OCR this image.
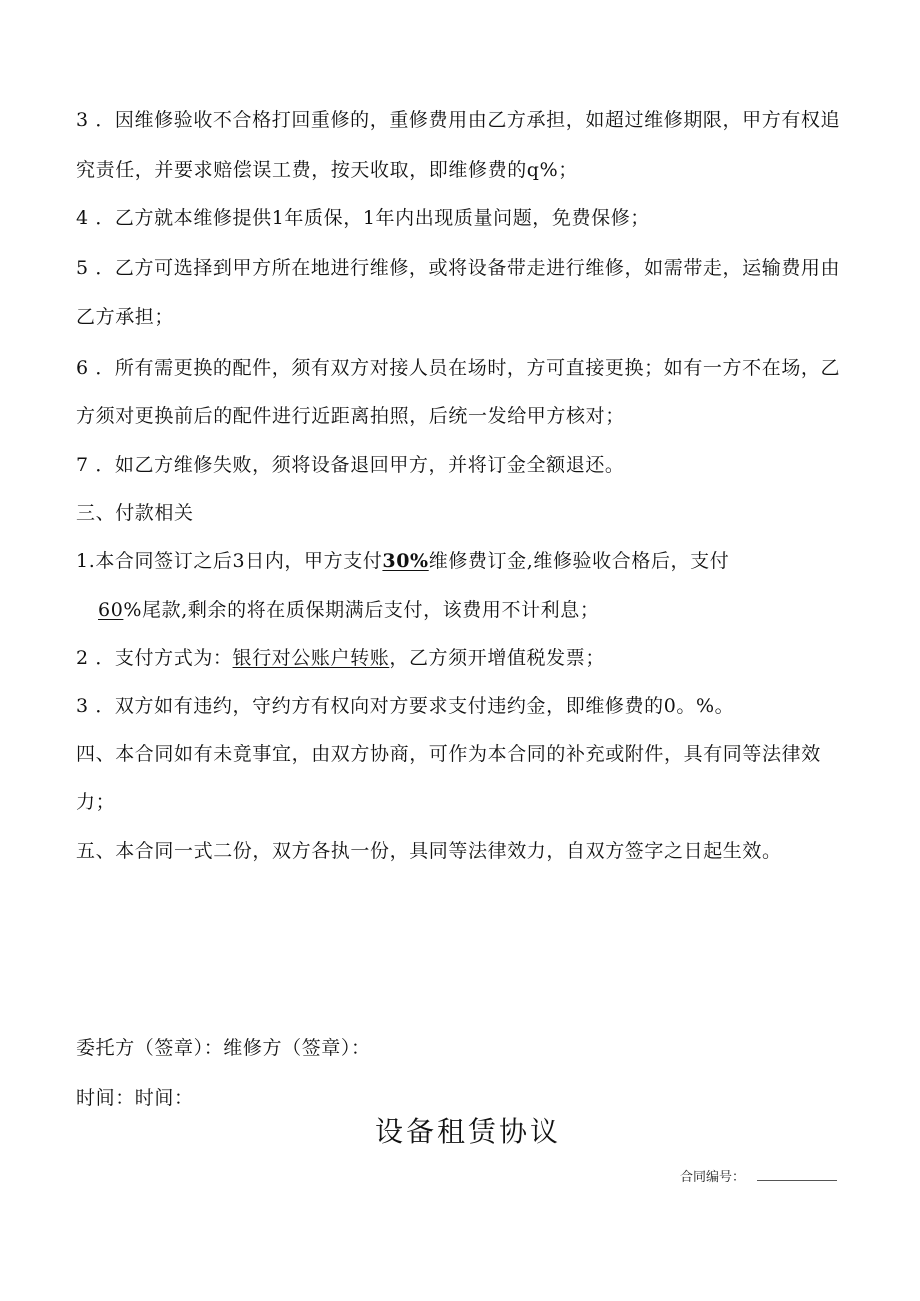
3 ．因维修验收不合格打回重修的，重修费用由乙方承担，如超过维修期限，甲方有权追
究责任，并要求赔偿误工费，按天收取，即维修费的q%；
4 ．乙方就本维修提供1年质保，1年内出现质量问题，免费保修；
5 ．乙方可选择到甲方所在地进行维修，或将设备带走进行维修，如需带走，运输费用由
乙方承担；
6 ．所有需更换的配件，须有双方对接人员在场时，方可直接更换；如有一方不在场，乙
方须对更换前后的配件进行近距离拍照，后统一发给甲方核对；
7 ．如乙方维修失败，须将设备退回甲方，并将订金全额退还。
三、付款相关
1.本合同签订之后3日内，甲方支付30%维修费订金,维修验收合格后，支付
60%尾款,剩余的将在质保期满后支付，该费用不计利息；
2 ．支付方式为：银行对公账户转账，乙方须开增值税发票；
3 ．双方如有违约，守约方有权向对方要求支付违约金，即维修费的0。%。
四、本合同如有未竟事宜，由双方协商，可作为本合同的补充或附件，具有同等法律效
力；
五、本合同一式二份，双方各执一份，具同等法律效力，自双方签字之日起生效。
委托方（签章）：维修方（签章）：
时间：时间：
设备租赁协议
合同编号：
